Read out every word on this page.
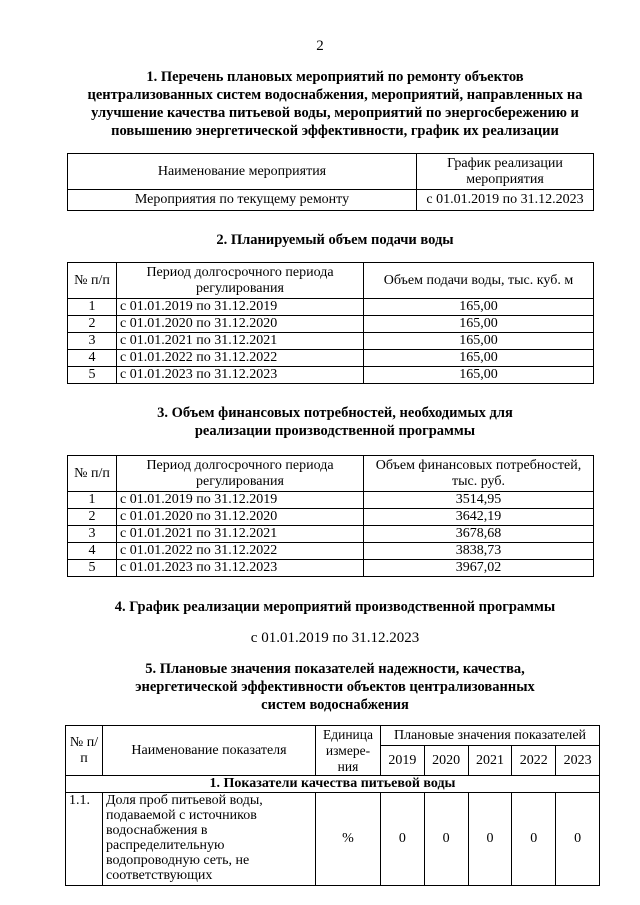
2
1. Перечень плановых мероприятий по ремонту объектов
централизованных систем водоснабжения, мероприятий, направленных на
улучшение качества питьевой воды, мероприятий по энергосбережению и
повышению энергетической эффективности, график их реализации
Наименование мероприятия	График реализации мероприятия
Мероприятия по текущему ремонту	с 01.01.2019 по 31.12.2023
2. Планируемый объем подачи воды
№ п/п	Период долгосрочного периода регулирования	Объем подачи воды, тыс. куб. м
1	с 01.01.2019 по 31.12.2019	165,00
2	с 01.01.2020 по 31.12.2020	165,00
3	с 01.01.2021 по 31.12.2021	165,00
4	с 01.01.2022 по 31.12.2022	165,00
5	с 01.01.2023 по 31.12.2023	165,00
3. Объем финансовых потребностей, необходимых для
реализации производственной программы
№ п/п	Период долгосрочного периода регулирования	Объем финансовых потребностей, тыс. руб.
1	с 01.01.2019 по 31.12.2019	3514,95
2	с 01.01.2020 по 31.12.2020	3642,19
3	с 01.01.2021 по 31.12.2021	3678,68
4	с 01.01.2022 по 31.12.2022	3838,73
5	с 01.01.2023 по 31.12.2023	3967,02
4. График реализации мероприятий производственной программы
с 01.01.2019 по 31.12.2023
5. Плановые значения показателей надежности, качества,
энергетической эффективности объектов централизованных
систем водоснабжения
№ п/п	Наименование показателя	Единица измере-ния	Плановые значения показателей				
			2019	2020	2021	2022	2023
1. Показатели качества питьевой воды							
1.1.	Доля проб питьевой воды, подаваемой с источников водоснабжения в распределительную водопроводную сеть, не соответствующих	%	0	0	0	0	0
